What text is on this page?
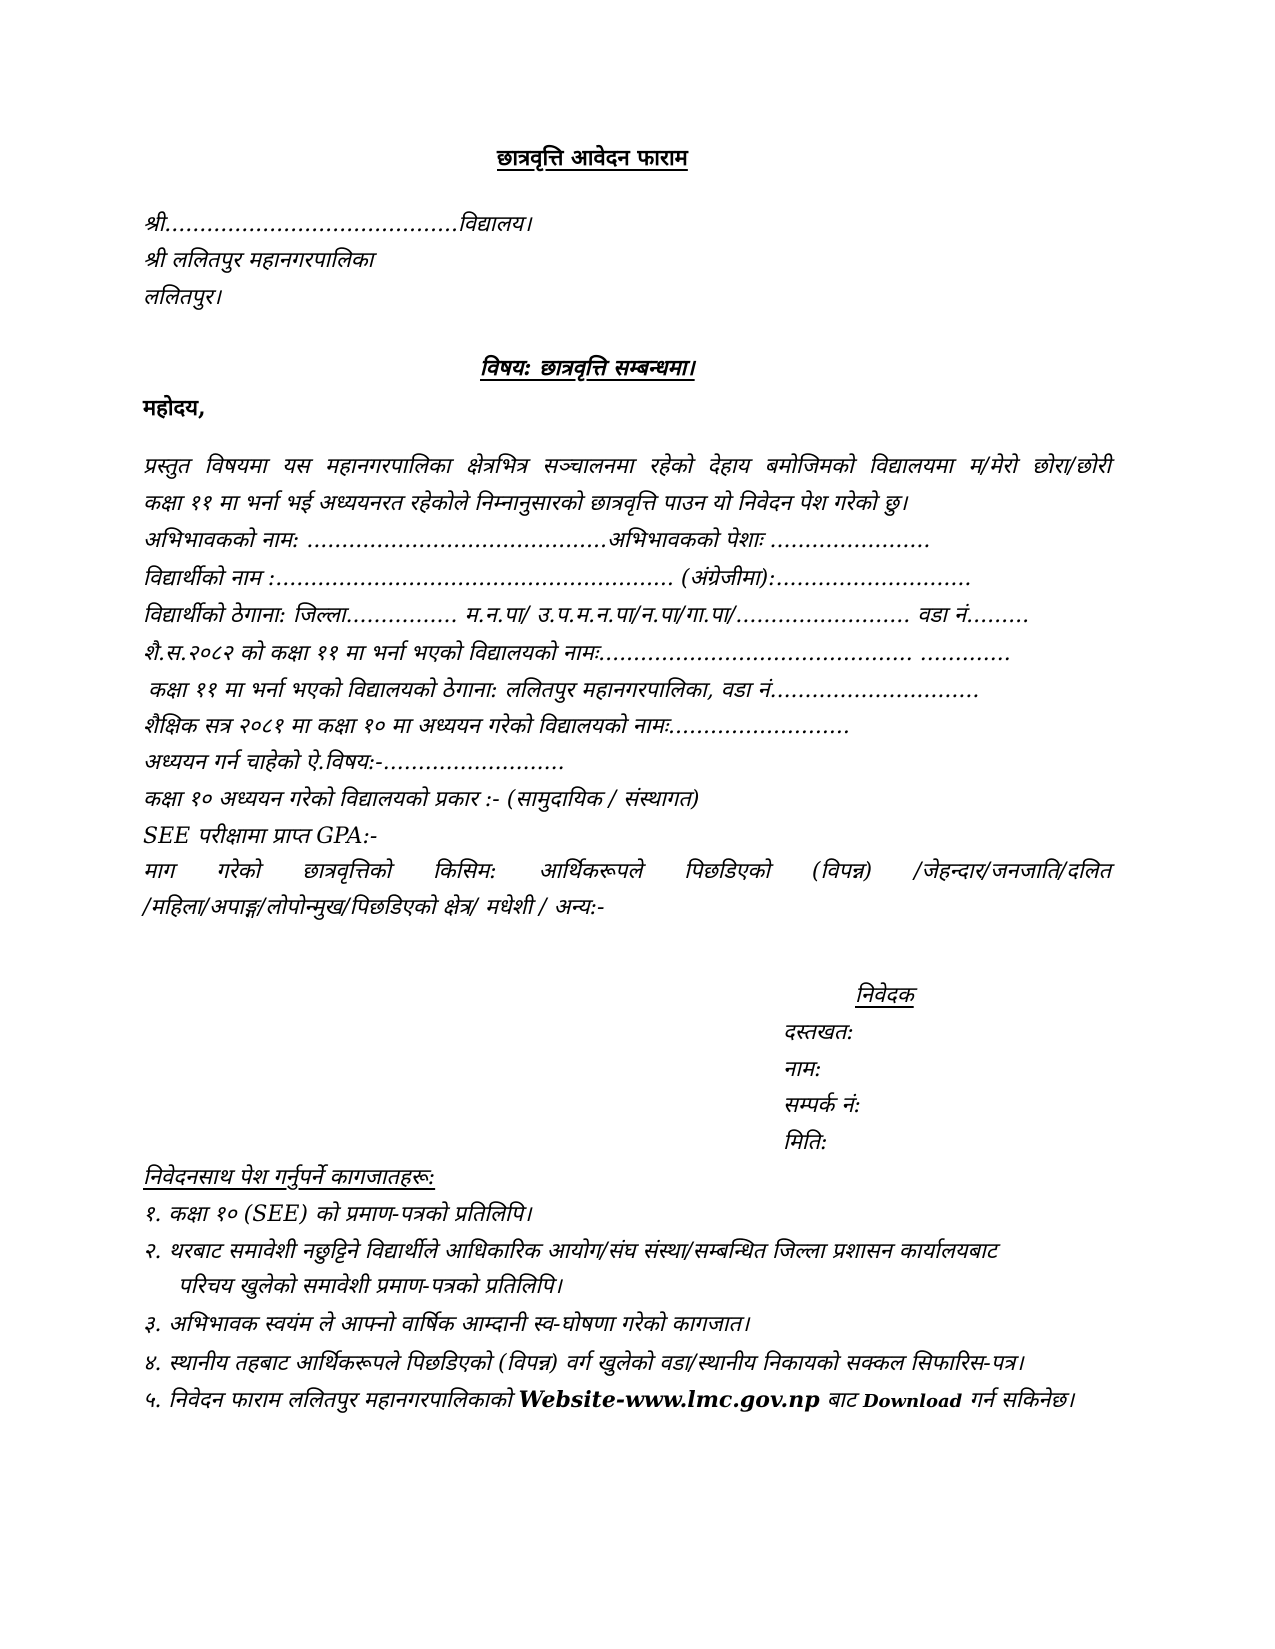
छात्रवृत्ति आवेदन फाराम
श्री..........................................विद्यालय।
श्री ललितपुर महानगरपालिका
ललितपुर।
विषय: छात्रवृत्ति सम्बन्धमा।
महोदय,
प्रस्तुत विषयमा यस महानगरपालिका क्षेत्रभित्र सञ्चालनमा रहेको देहाय बमोजिमको विद्यालयमा म/मेरो छोरा/छोरी
कक्षा ११ मा भर्ना भई अध्ययनरत रहेकोले निम्नानुसारको छात्रवृत्ति पाउन यो निवेदन पेश गरेको छु।
अभिभावकको नाम: ...........................................अभिभावकको पेशाः .......................
विद्यार्थीको नाम :......................................................... (अंग्रेजीमा):............................
विद्यार्थीको ठेगाना: जिल्ला................ म.न.पा/ उ.प.म.न.पा/न.पा/गा.पा/......................... वडा नं.........
शै.स.२०८२ को कक्षा ११ मा भर्ना भएको विद्यालयको नामः............................................. .............
कक्षा ११ मा भर्ना भएको विद्यालयको ठेगाना: ललितपुर महानगरपालिका, वडा नं..............................
शैक्षिक सत्र २०८१ मा कक्षा १० मा अध्ययन गरेको विद्यालयको नामः..........................
अध्ययन गर्न चाहेको ऐ.विषय:-..........................
कक्षा १० अध्ययन गरेको विद्यालयको प्रकार :- (सामुदायिक / संस्थागत)
SEE परीक्षामा प्राप्त GPA:-
माग गरेको छात्रवृत्तिको किसिम: आर्थिकरूपले पिछडिएको (विपन्न) /जेहन्दार/जनजाति/दलित
/महिला/अपाङ्ग/लोपोन्मुख/पिछडिएको क्षेत्र/ मधेशी / अन्य:-
निवेदक
दस्तखत:
नाम:
सम्पर्क नं:
मिति:
निवेदनसाथ पेश गर्नुपर्ने कागजातहरू:
१. कक्षा १० (SEE) को प्रमाण-पत्रको प्रतिलिपि।
२. थरबाट समावेशी नछुट्टिने विद्यार्थीले आधिकारिक आयोग/संघ संस्था/सम्बन्धित जिल्ला प्रशासन कार्यालयबाट
परिचय खुलेको समावेशी प्रमाण-पत्रको प्रतिलिपि।
३. अभिभावक स्वयंम ले आफ्नो वार्षिक आम्दानी स्व-घोषणा गरेको कागजात।
४. स्थानीय तहबाट आर्थिकरूपले पिछडिएको (विपन्न) वर्ग खुलेको वडा/स्थानीय निकायको सक्कल सिफारिस-पत्र।
५. निवेदन फाराम ललितपुर महानगरपालिकाको Website-www.lmc.gov.np बाट Download गर्न सकिनेछ।
